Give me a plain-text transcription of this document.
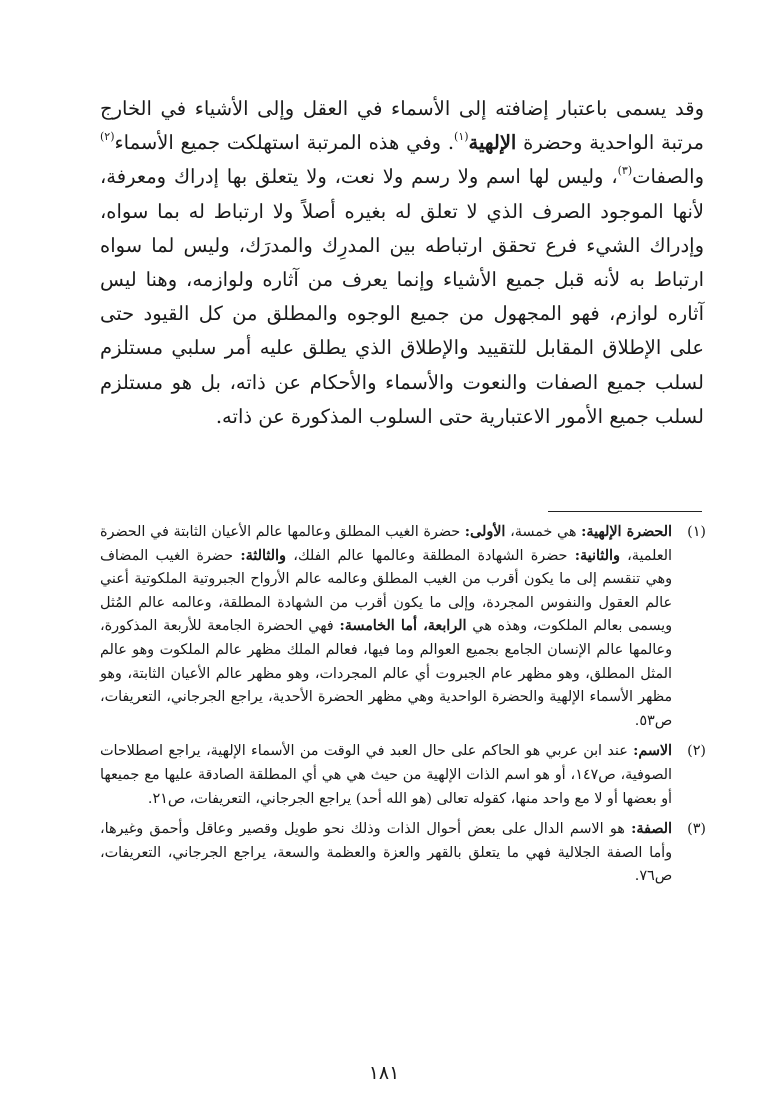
وقد يسمى باعتبار إضافته إلى الأسماء في العقل وإلى الأشياء في الخارج مرتبة الواحدية وحضرة الإلهية$^{(١)}$. وفي هذه المرتبة استهلكت جميع الأسماء$^{(٢)}$ والصفات$^{(٣)}$، وليس لها اسم ولا رسم ولا نعت، ولا يتعلق بها إدراك ومعرفة، لأنها الموجود الصرف الذي لا تعلق له بغيره أصلاً ولا ارتباط له بما سواه، وإدراك الشيء فرع تحقق ارتباطه بين المدرِك والمدرَك، وليس لما سواه ارتباط به لأنه قبل جميع الأشياء وإنما يعرف من آثاره ولوازمه، وهنا ليس آثاره لوازم، فهو المجهول من جميع الوجوه والمطلق من كل القيود حتى على الإطلاق المقابل للتقييد والإطلاق الذي يطلق عليه أمر سلبي مستلزم لسلب جميع الصفات والنعوت والأسماء والأحكام عن ذاته، بل هو مستلزم لسلب جميع الأمور الاعتبارية حتى السلوب المذكورة عن ذاته.

(١)
الحضرة الإلهية: هي خمسة، الأولى: حضرة الغيب المطلق وعالمها عالم الأعيان الثابتة في الحضرة العلمية، والثانية: حضرة الشهادة المطلقة وعالمها عالم الفلك، والثالثة: حضرة الغيب المضاف وهي تنقسم إلى ما يكون أقرب من الغيب المطلق وعالمه عالم الأرواح الجبروتية الملكوتية أعني عالم العقول والنفوس المجردة، وإلى ما يكون أقرب من الشهادة المطلقة، وعالمه عالم المُثل ويسمى بعالم الملكوت، وهذه هي الرابعة، أما الخامسة: فهي الحضرة الجامعة للأربعة المذكورة، وعالمها عالم الإنسان الجامع بجميع العوالم وما فيها، فعالم الملك مظهر عالم الملكوت وهو عالم المثل المطلق، وهو مظهر عام الجبروت أي عالم المجردات، وهو مظهر عالم الأعيان الثابتة، وهو مظهر الأسماء الإلهية والحضرة الواحدية وهي مظهر الحضرة الأحدية، يراجع الجرجاني، التعريفات، ص٥٣.
(٢)
الاسم: عند ابن عربي هو الحاكم على حال العبد في الوقت من الأسماء الإلهية، يراجع اصطلاحات الصوفية، ص١٤٧، أو هو اسم الذات الإلهية من حيث هي هي أي المطلقة الصادقة عليها مع جميعها أو بعضها أو لا مع واحد منها، كقوله تعالى (هو الله أحد) يراجع الجرجاني، التعريفات، ص٢١.
(٣)
الصفة: هو الاسم الدال على بعض أحوال الذات وذلك نحو طويل وقصير وعاقل وأحمق وغيرها، وأما الصفة الجلالية فهي ما يتعلق بالقهر والعزة والعظمة والسعة، يراجع الجرجاني، التعريفات، ص٧٦.
١٨١
